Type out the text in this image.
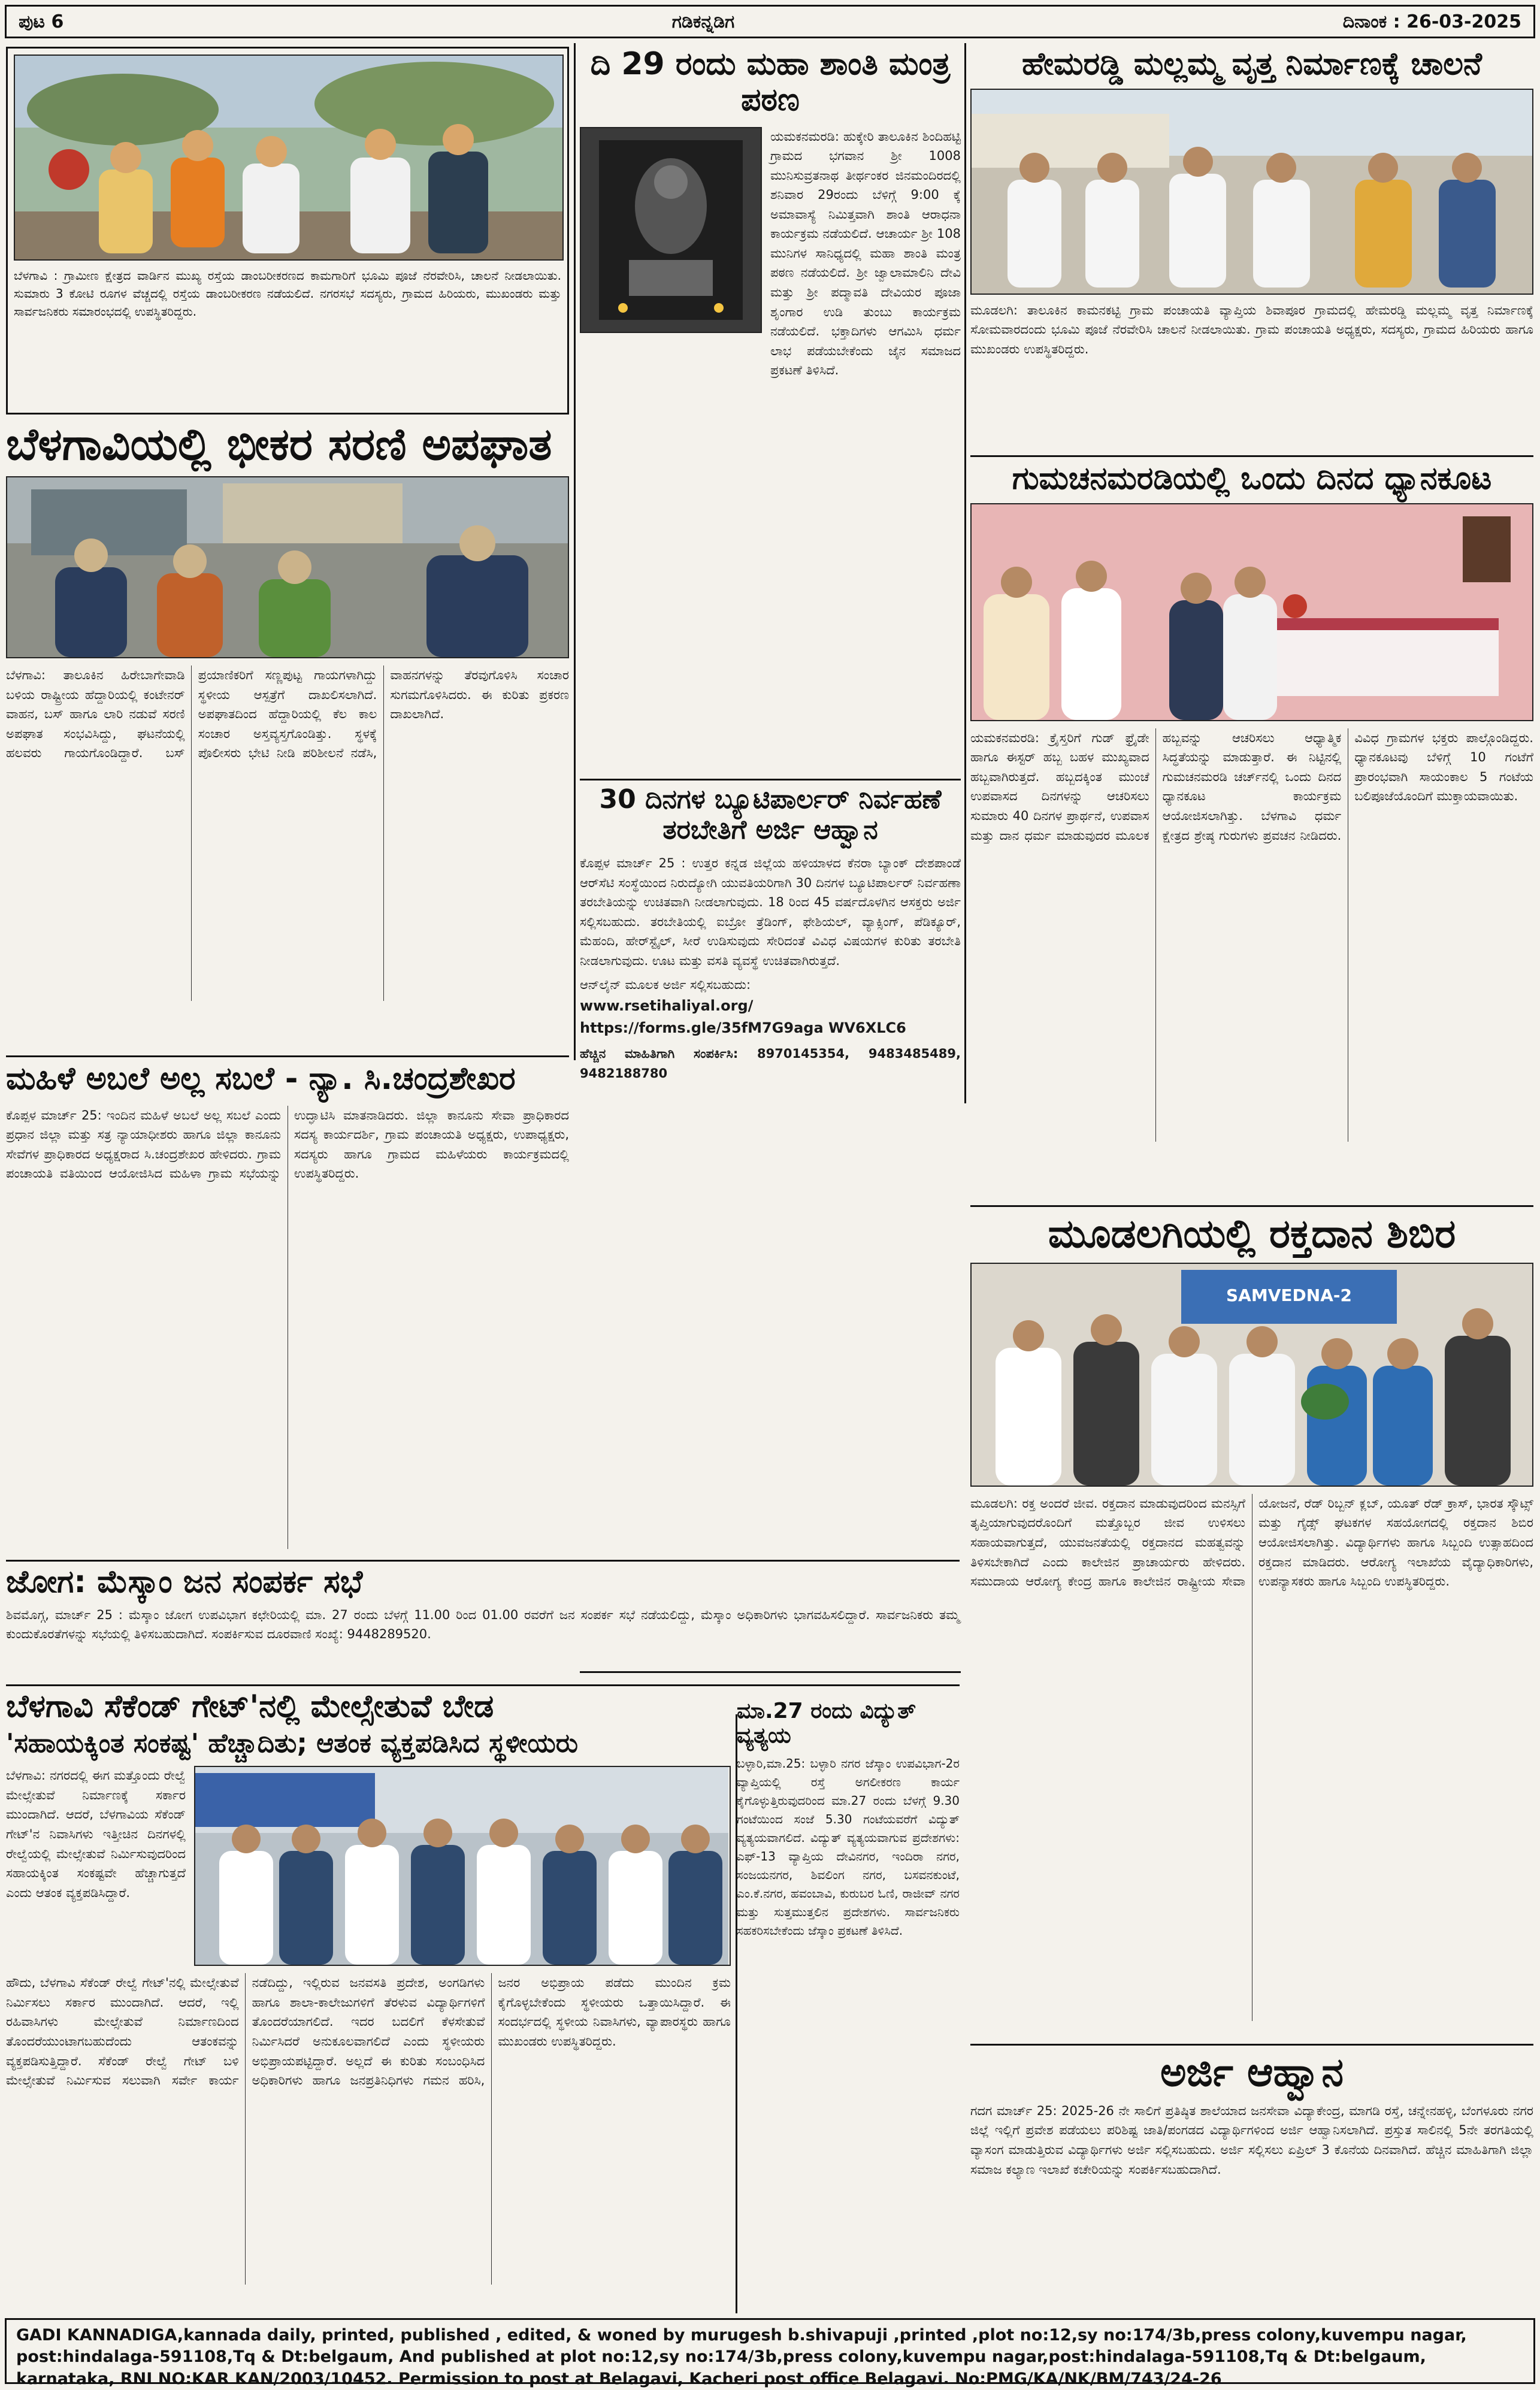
ಪುಟ 6	ಗಡಿಕನ್ನಡಿಗ	ದಿನಾಂಕ : 26-03-2025
ಬೆಳಗಾವಿ : ಗ್ರಾಮೀಣ ಕ್ಷೇತ್ರದ ವಾರ್ಡಿನ ಮುಖ್ಯ ರಸ್ತೆಯ ಡಾಂಬರೀಕರಣದ ಕಾಮಗಾರಿಗೆ ಭೂಮಿ ಪೂಜೆ ನೆರವೇರಿಸಿ, ಚಾಲನೆ ನೀಡಲಾಯಿತು. ಸುಮಾರು 3 ಕೋಟಿ ರೂಗಳ ವೆಚ್ಚದಲ್ಲಿ ರಸ್ತೆಯ ಡಾಂಬರೀಕರಣ ನಡೆಯಲಿದೆ. ನಗರಸಭೆ ಸದಸ್ಯರು, ಗ್ರಾಮದ ಹಿರಿಯರು, ಮುಖಂಡರು ಮತ್ತು ಸಾರ್ವಜನಿಕರು ಸಮಾರಂಭದಲ್ಲಿ ಉಪಸ್ಥಿತರಿದ್ದರು.
ಬೆಳಗಾವಿಯಲ್ಲಿ ಭೀಕರ ಸರಣಿ ಅಪಘಾತ
ಬೆಳಗಾವಿ: ತಾಲೂಕಿನ ಹಿರೇಬಾಗೇವಾಡಿ ಬಳಿಯ ರಾಷ್ಟ್ರೀಯ ಹೆದ್ದಾರಿಯಲ್ಲಿ ಕಂಟೇನರ್ ವಾಹನ, ಬಸ್ ಹಾಗೂ ಲಾರಿ ನಡುವೆ ಸರಣಿ ಅಪಘಾತ ಸಂಭವಿಸಿದ್ದು, ಘಟನೆಯಲ್ಲಿ ಹಲವರು ಗಾಯಗೊಂಡಿದ್ದಾರೆ. ಬಸ್ ಪ್ರಯಾಣಿಕರಿಗೆ ಸಣ್ಣಪುಟ್ಟ ಗಾಯಗಳಾಗಿದ್ದು ಸ್ಥಳೀಯ ಆಸ್ಪತ್ರೆಗೆ ದಾಖಲಿಸಲಾಗಿದೆ. ಅಪಘಾತದಿಂದ ಹೆದ್ದಾರಿಯಲ್ಲಿ ಕೆಲ ಕಾಲ ಸಂಚಾರ ಅಸ್ತವ್ಯಸ್ತಗೊಂಡಿತ್ತು. ಸ್ಥಳಕ್ಕೆ ಪೊಲೀಸರು ಭೇಟಿ ನೀಡಿ ಪರಿಶೀಲನೆ ನಡೆಸಿ, ವಾಹನಗಳನ್ನು ತೆರವುಗೊಳಿಸಿ ಸಂಚಾರ ಸುಗಮಗೊಳಿಸಿದರು. ಈ ಕುರಿತು ಪ್ರಕರಣ ದಾಖಲಾಗಿದೆ.
ಮಹಿಳೆ ಅಬಲೆ ಅಲ್ಲ ಸಬಲೆ - ನ್ಯಾ. ಸಿ.ಚಂದ್ರಶೇಖರ
ಕೊಪ್ಪಳ ಮಾರ್ಚ್ 25: ಇಂದಿನ ಮಹಿಳೆ ಅಬಲೆ ಅಲ್ಲ ಸಬಲೆ ಎಂದು ಪ್ರಧಾನ ಜಿಲ್ಲಾ ಮತ್ತು ಸತ್ರ ನ್ಯಾಯಾಧೀಶರು ಹಾಗೂ ಜಿಲ್ಲಾ ಕಾನೂನು ಸೇವೆಗಳ ಪ್ರಾಧಿಕಾರದ ಅಧ್ಯಕ್ಷರಾದ ಸಿ.ಚಂದ್ರಶೇಖರ ಹೇಳಿದರು. ಗ್ರಾಮ ಪಂಚಾಯತಿ ವತಿಯಿಂದ ಆಯೋಜಿಸಿದ ಮಹಿಳಾ ಗ್ರಾಮ ಸಭೆಯನ್ನು ಉದ್ಘಾಟಿಸಿ ಮಾತನಾಡಿದರು. ಜಿಲ್ಲಾ ಕಾನೂನು ಸೇವಾ ಪ್ರಾಧಿಕಾರದ ಸದಸ್ಯ ಕಾರ್ಯದರ್ಶಿ, ಗ್ರಾಮ ಪಂಚಾಯತಿ ಅಧ್ಯಕ್ಷರು, ಉಪಾಧ್ಯಕ್ಷರು, ಸದಸ್ಯರು ಹಾಗೂ ಗ್ರಾಮದ ಮಹಿಳೆಯರು ಕಾರ್ಯಕ್ರಮದಲ್ಲಿ ಉಪಸ್ಥಿತರಿದ್ದರು.
ಜೋಗ: ಮೆಸ್ಕಾಂ ಜನ ಸಂಪರ್ಕ ಸಭೆ
ಶಿವಮೊಗ್ಗ, ಮಾರ್ಚ್ 25 : ಮೆಸ್ಕಾಂ ಜೋಗ ಉಪವಿಭಾಗ ಕಛೇರಿಯಲ್ಲಿ ಮಾ. 27 ರಂದು ಬೆಳಗ್ಗೆ 11.00 ರಿಂದ 01.00 ರವರೆಗೆ ಜನ ಸಂಪರ್ಕ ಸಭೆ ನಡೆಯಲಿದ್ದು, ಮೆಸ್ಕಾಂ ಅಧಿಕಾರಿಗಳು ಭಾಗವಹಿಸಲಿದ್ದಾರೆ. ಸಾರ್ವಜನಿಕರು ತಮ್ಮ ಕುಂದುಕೊರತೆಗಳನ್ನು ಸಭೆಯಲ್ಲಿ ತಿಳಿಸಬಹುದಾಗಿದೆ. ಸಂಪರ್ಕಿಸುವ ದೂರವಾಣಿ ಸಂಖ್ಯೆ: 9448289520.
ದಿ 29 ರಂದು ಮಹಾ ಶಾಂತಿ ಮಂತ್ರ ಪಠಣ
ಯಮಕನಮರಡಿ: ಹುಕ್ಕೇರಿ ತಾಲೂಕಿನ ಶಿಂದಿಹಟ್ಟಿ ಗ್ರಾಮದ ಭಗವಾನ ಶ್ರೀ 1008 ಮುನಿಸುವ್ರತನಾಥ ತೀರ್ಥಂಕರ ಜಿನಮಂದಿರದಲ್ಲಿ ಶನಿವಾರ 29ರಂದು ಬೆಳಿಗ್ಗೆ 9:00 ಕ್ಕೆ ಅಮಾವಾಸ್ಯೆ ನಿಮಿತ್ತವಾಗಿ ಶಾಂತಿ ಆರಾಧನಾ ಕಾರ್ಯಕ್ರಮ ನಡೆಯಲಿದೆ. ಆಚಾರ್ಯ ಶ್ರೀ 108 ಮುನಿಗಳ ಸಾನಿಧ್ಯದಲ್ಲಿ ಮಹಾ ಶಾಂತಿ ಮಂತ್ರ ಪಠಣ ನಡೆಯಲಿದೆ. ಶ್ರೀ ಜ್ವಾಲಾಮಾಲಿನಿ ದೇವಿ ಮತ್ತು ಶ್ರೀ ಪದ್ಮಾವತಿ ದೇವಿಯರ ಪೂಜಾ ಶೃಂಗಾರ ಉಡಿ ತುಂಬು ಕಾರ್ಯಕ್ರಮ ನಡೆಯಲಿದೆ. ಭಕ್ತಾದಿಗಳು ಆಗಮಿಸಿ ಧರ್ಮ ಲಾಭ ಪಡೆಯಬೇಕೆಂದು ಜೈನ ಸಮಾಜದ ಪ್ರಕಟಣೆ ತಿಳಿಸಿದೆ.
30 ದಿನಗಳ ಬ್ಯೂಟಿಪಾರ್ಲರ್ ನಿರ್ವಹಣೆ ತರಬೇತಿಗೆ ಅರ್ಜಿ ಆಹ್ವಾನ
ಕೊಪ್ಪಳ ಮಾರ್ಚ್ 25 : ಉತ್ತರ ಕನ್ನಡ ಜಿಲ್ಲೆಯ ಹಳಿಯಾಳದ ಕೆನರಾ ಬ್ಯಾಂಕ್ ದೇಶಪಾಂಡೆ ಆರ್‌ಸೆಟಿ ಸಂಸ್ಥೆಯಿಂದ ನಿರುದ್ಯೋಗಿ ಯುವತಿಯರಿಗಾಗಿ 30 ದಿನಗಳ ಬ್ಯೂಟಿಪಾರ್ಲರ್ ನಿರ್ವಹಣಾ ತರಬೇತಿಯನ್ನು ಉಚಿತವಾಗಿ ನೀಡಲಾಗುವುದು. 18 ರಿಂದ 45 ವರ್ಷದೊಳಗಿನ ಆಸಕ್ತರು ಅರ್ಜಿ ಸಲ್ಲಿಸಬಹುದು. ತರಬೇತಿಯಲ್ಲಿ ಐಬ್ರೋ ತ್ರೆಡಿಂಗ್, ಫೇಶಿಯಲ್, ವ್ಯಾಕ್ಸಿಂಗ್, ಪೆಡಿಕ್ಯೂರ್, ಮೆಹಂದಿ, ಹೇರ್‌ಸ್ಟೈಲ್, ಸೀರೆ ಉಡಿಸುವುದು ಸೇರಿದಂತೆ ವಿವಿಧ ವಿಷಯಗಳ ಕುರಿತು ತರಬೇತಿ ನೀಡಲಾಗುವುದು. ಊಟ ಮತ್ತು ವಸತಿ ವ್ಯವಸ್ಥೆ ಉಚಿತವಾಗಿರುತ್ತದೆ.
ಆನ್‌ಲೈನ್ ಮೂಲಕ ಅರ್ಜಿ ಸಲ್ಲಿಸಬಹುದು:
www.rsetihaliyal.org/ https://forms.gle/35fM7G9aga WV6XLC6
ಹೆಚ್ಚಿನ ಮಾಹಿತಿಗಾಗಿ ಸಂಪರ್ಕಿಸಿ: 8970145354, 9483485489, 9482188780
ಹೇಮರಡ್ಡಿ ಮಲ್ಲಮ್ಮ ವೃತ್ತ ನಿರ್ಮಾಣಕ್ಕೆ ಚಾಲನೆ
ಮೂಡಲಗಿ: ತಾಲೂಕಿನ ಕಾಮನಕಟ್ಟಿ ಗ್ರಾಮ ಪಂಚಾಯತಿ ವ್ಯಾಪ್ತಿಯ ಶಿವಾಪೂರ ಗ್ರಾಮದಲ್ಲಿ ಹೇಮರಡ್ಡಿ ಮಲ್ಲಮ್ಮ ವೃತ್ತ ನಿರ್ಮಾಣಕ್ಕೆ ಸೋಮವಾರದಂದು ಭೂಮಿ ಪೂಜೆ ನೆರವೇರಿಸಿ ಚಾಲನೆ ನೀಡಲಾಯಿತು. ಗ್ರಾಮ ಪಂಚಾಯತಿ ಅಧ್ಯಕ್ಷರು, ಸದಸ್ಯರು, ಗ್ರಾಮದ ಹಿರಿಯರು ಹಾಗೂ ಮುಖಂಡರು ಉಪಸ್ಥಿತರಿದ್ದರು.
ಗುಮಚನಮರಡಿಯಲ್ಲಿ ಒಂದು ದಿನದ ಧ್ಯಾನಕೂಟ
ಯಮಕನಮರಡಿ: ಕ್ರೈಸ್ತರಿಗೆ ಗುಡ್ ಫ್ರೈಡೇ ಹಾಗೂ ಈಸ್ಟರ್ ಹಬ್ಬ ಬಹಳ ಮುಖ್ಯವಾದ ಹಬ್ಬವಾಗಿರುತ್ತದೆ. ಹಬ್ಬದಕ್ಕಿಂತ ಮುಂಚೆ ಉಪವಾಸದ ದಿನಗಳನ್ನು ಆಚರಿಸಲು ಸುಮಾರು 40 ದಿನಗಳ ಪ್ರಾರ್ಥನೆ, ಉಪವಾಸ ಮತ್ತು ದಾನ ಧರ್ಮ ಮಾಡುವುದರ ಮೂಲಕ ಹಬ್ಬವನ್ನು ಆಚರಿಸಲು ಆಧ್ಯಾತ್ಮಿಕ ಸಿದ್ಧತೆಯನ್ನು ಮಾಡುತ್ತಾರೆ. ಈ ನಿಟ್ಟಿನಲ್ಲಿ ಗುಮಚನಮರಡಿ ಚರ್ಚ್‌ನಲ್ಲಿ ಒಂದು ದಿನದ ಧ್ಯಾನಕೂಟ ಕಾರ್ಯಕ್ರಮ ಆಯೋಜಿಸಲಾಗಿತ್ತು. ಬೆಳಗಾವಿ ಧರ್ಮ ಕ್ಷೇತ್ರದ ಶ್ರೇಷ್ಠ ಗುರುಗಳು ಪ್ರವಚನ ನೀಡಿದರು. ವಿವಿಧ ಗ್ರಾಮಗಳ ಭಕ್ತರು ಪಾಲ್ಗೊಂಡಿದ್ದರು. ಧ್ಯಾನಕೂಟವು ಬೆಳಿಗ್ಗೆ 10 ಗಂಟೆಗೆ ಪ್ರಾರಂಭವಾಗಿ ಸಾಯಂಕಾಲ 5 ಗಂಟೆಯ ಬಲಿಪೂಜೆಯೊಂದಿಗೆ ಮುಕ್ತಾಯವಾಯಿತು.
ಮೂಡಲಗಿಯಲ್ಲಿ ರಕ್ತದಾನ ಶಿಬಿರ
SAMVEDNA-2
ಮೂಡಲಗಿ: ರಕ್ತ ಅಂದರೆ ಜೀವ. ರಕ್ತದಾನ ಮಾಡುವುದರಿಂದ ಮನಸ್ಸಿಗೆ ತೃಪ್ತಿಯಾಗುವುದರೊಂದಿಗೆ ಮತ್ತೊಬ್ಬರ ಜೀವ ಉಳಿಸಲು ಸಹಾಯವಾಗುತ್ತದೆ, ಯುವಜನತೆಯಲ್ಲಿ ರಕ್ತದಾನದ ಮಹತ್ವವನ್ನು ತಿಳಿಸಬೇಕಾಗಿದೆ ಎಂದು ಕಾಲೇಜಿನ ಪ್ರಾಚಾರ್ಯರು ಹೇಳಿದರು. ಸಮುದಾಯ ಆರೋಗ್ಯ ಕೇಂದ್ರ ಹಾಗೂ ಕಾಲೇಜಿನ ರಾಷ್ಟ್ರೀಯ ಸೇವಾ ಯೋಜನೆ, ರೆಡ್ ರಿಬ್ಬನ್ ಕ್ಲಬ್, ಯೂತ್ ರೆಡ್ ಕ್ರಾಸ್, ಭಾರತ ಸ್ಕೌಟ್ಸ್ ಮತ್ತು ಗೈಡ್ಸ್ ಘಟಕಗಳ ಸಹಯೋಗದಲ್ಲಿ ರಕ್ತದಾನ ಶಿಬಿರ ಆಯೋಜಿಸಲಾಗಿತ್ತು. ವಿದ್ಯಾರ್ಥಿಗಳು ಹಾಗೂ ಸಿಬ್ಬಂದಿ ಉತ್ಸಾಹದಿಂದ ರಕ್ತದಾನ ಮಾಡಿದರು. ಆರೋಗ್ಯ ಇಲಾಖೆಯ ವೈದ್ಯಾಧಿಕಾರಿಗಳು, ಉಪನ್ಯಾಸಕರು ಹಾಗೂ ಸಿಬ್ಬಂದಿ ಉಪಸ್ಥಿತರಿದ್ದರು.
ಅರ್ಜಿ ಆಹ್ವಾನ
ಗದಗ ಮಾರ್ಚ್ 25: 2025-26 ನೇ ಸಾಲಿಗೆ ಪ್ರತಿಷ್ಠಿತ ಶಾಲೆಯಾದ ಜನಸೇವಾ ವಿದ್ಯಾಕೇಂದ್ರ, ಮಾಗಡಿ ರಸ್ತೆ, ಚನ್ನೇನಹಳ್ಳಿ, ಬೆಂಗಳೂರು ನಗರ ಜಿಲ್ಲೆ ಇಲ್ಲಿಗೆ ಪ್ರವೇಶ ಪಡೆಯಲು ಪರಿಶಿಷ್ಟ ಜಾತಿ/ಪಂಗಡದ ವಿದ್ಯಾರ್ಥಿಗಳಿಂದ ಅರ್ಜಿ ಆಹ್ವಾನಿಸಲಾಗಿದೆ. ಪ್ರಸ್ತುತ ಸಾಲಿನಲ್ಲಿ 5ನೇ ತರಗತಿಯಲ್ಲಿ ವ್ಯಾಸಂಗ ಮಾಡುತ್ತಿರುವ ವಿದ್ಯಾರ್ಥಿಗಳು ಅರ್ಜಿ ಸಲ್ಲಿಸಬಹುದು. ಅರ್ಜಿ ಸಲ್ಲಿಸಲು ಏಪ್ರಿಲ್ 3 ಕೊನೆಯ ದಿನವಾಗಿದೆ. ಹೆಚ್ಚಿನ ಮಾಹಿತಿಗಾಗಿ ಜಿಲ್ಲಾ ಸಮಾಜ ಕಲ್ಯಾಣ ಇಲಾಖೆ ಕಚೇರಿಯನ್ನು ಸಂಪರ್ಕಿಸಬಹುದಾಗಿದೆ.
ಮಾ.27 ರಂದು ವಿದ್ಯುತ್ ವ್ಯತ್ಯಯ
ಬಳ್ಳಾರಿ,ಮಾ.25: ಬಳ್ಳಾರಿ ನಗರ ಜೆಸ್ಕಾಂ ಉಪವಿಭಾಗ-2ರ ವ್ಯಾಪ್ತಿಯಲ್ಲಿ ರಸ್ತೆ ಅಗಲೀಕರಣ ಕಾರ್ಯ ಕೈಗೊಳ್ಳುತ್ತಿರುವುದರಿಂದ ಮಾ.27 ರಂದು ಬೆಳಗ್ಗೆ 9.30 ಗಂಟೆಯಿಂದ ಸಂಜೆ 5.30 ಗಂಟೆಯವರೆಗೆ ವಿದ್ಯುತ್ ವ್ಯತ್ಯಯವಾಗಲಿದೆ. ವಿದ್ಯುತ್ ವ್ಯತ್ಯಯವಾಗುವ ಪ್ರದೇಶಗಳು: ಎಫ್-13 ವ್ಯಾಪ್ತಿಯ ದೇವಿನಗರ, ಇಂದಿರಾ ನಗರ, ಸಂಜಯನಗರ, ಶಿವಲಿಂಗ ನಗರ, ಬಸವನಕುಂಟೆ, ಎಂ.ಕೆ.ನಗರ, ಹವಂಬಾವಿ, ಕುರುಬರ ಓಣಿ, ರಾಜೀವ್ ನಗರ ಮತ್ತು ಸುತ್ತಮುತ್ತಲಿನ ಪ್ರದೇಶಗಳು. ಸಾರ್ವಜನಿಕರು ಸಹಕರಿಸಬೇಕೆಂದು ಜೆಸ್ಕಾಂ ಪ್ರಕಟಣೆ ತಿಳಿಸಿದೆ.
ಬೆಳಗಾವಿ ಸೆಕೆಂಡ್ ಗೇಟ್'ನಲ್ಲಿ ಮೇಲ್ಸೇತುವೆ ಬೇಡ
'ಸಹಾಯಕ್ಕಿಂತ ಸಂಕಷ್ಟ' ಹೆಚ್ಚಾದಿತು; ಆತಂಕ ವ್ಯಕ್ತಪಡಿಸಿದ ಸ್ಥಳೀಯರು
ಬೆಳಗಾವಿ: ನಗರದಲ್ಲಿ ಈಗ ಮತ್ತೊಂದು ರೇಲ್ವೆ ಮೇಲ್ಸೇತುವೆ ನಿರ್ಮಾಣಕ್ಕೆ ಸರ್ಕಾರ ಮುಂದಾಗಿದೆ. ಆದರೆ, ಬೆಳಗಾವಿಯ ಸೆಕೆಂಡ್ ಗೇಟ್'ನ ನಿವಾಸಿಗಳು ಇತ್ತೀಚಿನ ದಿನಗಳಲ್ಲಿ ರೇಲ್ವೆಯಲ್ಲಿ ಮೇಲ್ಸೇತುವೆ ನಿರ್ಮಿಸುವುದರಿಂದ ಸಹಾಯಕ್ಕಿಂತ ಸಂಕಷ್ಟವೇ ಹೆಚ್ಚಾಗುತ್ತದೆ ಎಂದು ಆತಂಕ ವ್ಯಕ್ತಪಡಿಸಿದ್ದಾರೆ.
ಹೌದು, ಬೆಳಗಾವಿ ಸೆಕೆಂಡ್ ರೇಲ್ವೆ ಗೇಟ್'ನಲ್ಲಿ ಮೇಲ್ಸೇತುವೆ ನಿರ್ಮಿಸಲು ಸರ್ಕಾರ ಮುಂದಾಗಿದೆ. ಆದರೆ, ಇಲ್ಲಿ ರಹಿವಾಸಿಗಳು ಮೇಲ್ಸೇತುವೆ ನಿರ್ಮಾಣದಿಂದ ತೊಂದರೆಯುಂಟಾಗಬಹುದೆಂದು ಆತಂಕವನ್ನು ವ್ಯಕ್ತಪಡಿಸುತ್ತಿದ್ದಾರೆ. ಸೆಕೆಂಡ್ ರೇಲ್ವೆ ಗೇಟ್ ಬಳಿ ಮೇಲ್ಸೇತುವೆ ನಿರ್ಮಿಸುವ ಸಲುವಾಗಿ ಸರ್ವೇ ಕಾರ್ಯ ನಡೆದಿದ್ದು, ಇಲ್ಲಿರುವ ಜನವಸತಿ ಪ್ರದೇಶ, ಅಂಗಡಿಗಳು ಹಾಗೂ ಶಾಲಾ-ಕಾಲೇಜುಗಳಿಗೆ ತೆರಳುವ ವಿದ್ಯಾರ್ಥಿಗಳಿಗೆ ತೊಂದರೆಯಾಗಲಿದೆ. ಇದರ ಬದಲಿಗೆ ಕೆಳಸೇತುವೆ ನಿರ್ಮಿಸಿದರೆ ಅನುಕೂಲವಾಗಲಿದೆ ಎಂದು ಸ್ಥಳೀಯರು ಅಭಿಪ್ರಾಯಪಟ್ಟಿದ್ದಾರೆ. ಅಲ್ಲದೆ ಈ ಕುರಿತು ಸಂಬಂಧಿಸಿದ ಅಧಿಕಾರಿಗಳು ಹಾಗೂ ಜನಪ್ರತಿನಿಧಿಗಳು ಗಮನ ಹರಿಸಿ, ಜನರ ಅಭಿಪ್ರಾಯ ಪಡೆದು ಮುಂದಿನ ಕ್ರಮ ಕೈಗೊಳ್ಳಬೇಕೆಂದು ಸ್ಥಳೀಯರು ಒತ್ತಾಯಿಸಿದ್ದಾರೆ. ಈ ಸಂದರ್ಭದಲ್ಲಿ ಸ್ಥಳೀಯ ನಿವಾಸಿಗಳು, ವ್ಯಾಪಾರಸ್ಥರು ಹಾಗೂ ಮುಖಂಡರು ಉಪಸ್ಥಿತರಿದ್ದರು.
GADI KANNADIGA,kannada daily, printed, published , edited, & woned by murugesh b.shivapuji ,printed ,plot no:12,sy no:174/3b,press colony,kuvempu nagar, post:hindalaga-591108,Tq & Dt:belgaum, And published at plot no:12,sy no:174/3b,press colony,kuvempu nagar,post:hindalaga-591108,Tq & Dt:belgaum, karnataka, RNI NO:KAR KAN/2003/10452. Permission to post at Belagavi, Kacheri post office Belagavi. No:PMG/KA/NK/BM/743/24-26
